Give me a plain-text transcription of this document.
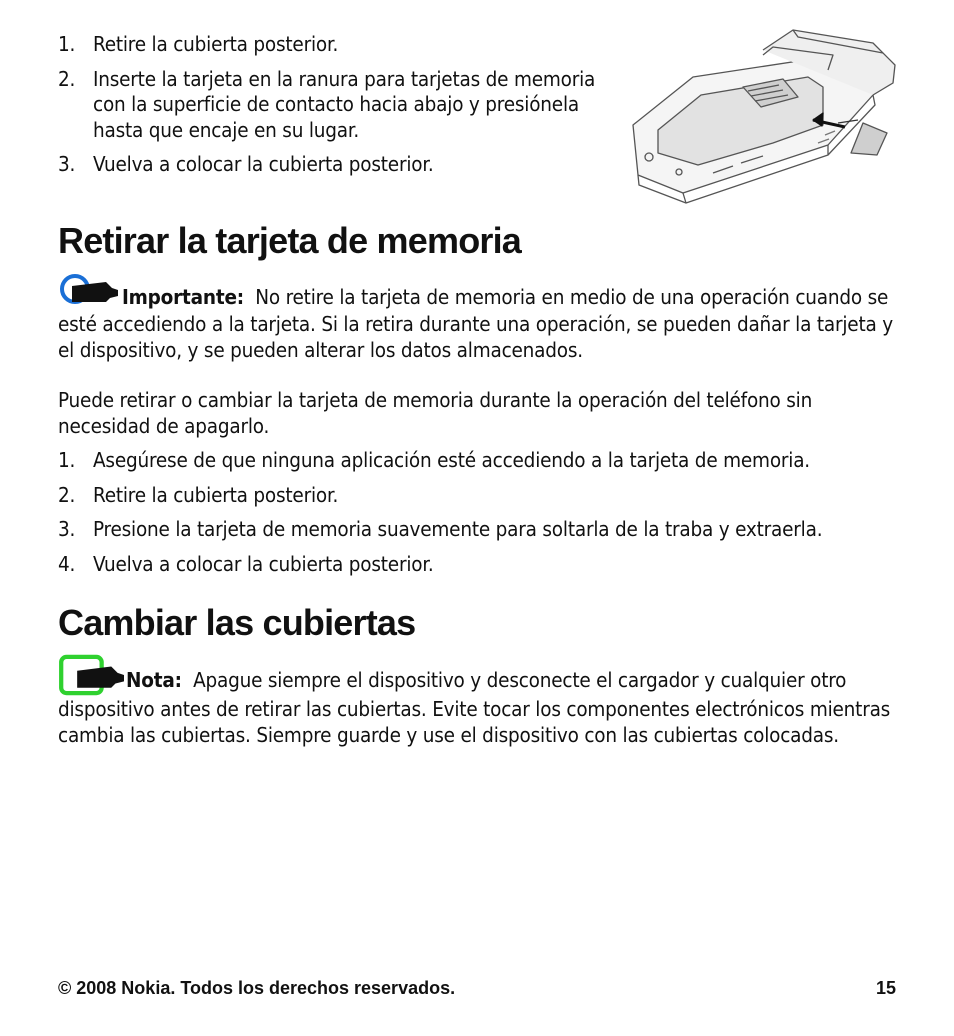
1. Retire la cubierta posterior.
2. Inserte la tarjeta en la ranura para tarjetas de memoria con la superficie de contacto hacia abajo y presiónela hasta que encaje en su lugar.
3. Vuelva a colocar la cubierta posterior.
Retirar la tarjeta de memoria
Importante: No retire la tarjeta de memoria en medio de una operación cuando se esté accediendo a la tarjeta. Si la retira durante una operación, se pueden dañar la tarjeta y el dispositivo, y se pueden alterar los datos almacenados.
Puede retirar o cambiar la tarjeta de memoria durante la operación del teléfono sin necesidad de apagarlo.
1. Asegúrese de que ninguna aplicación esté accediendo a la tarjeta de memoria.
2. Retire la cubierta posterior.
3. Presione la tarjeta de memoria suavemente para soltarla de la traba y extraerla.
4. Vuelva a colocar la cubierta posterior.
Cambiar las cubiertas
Nota: Apague siempre el dispositivo y desconecte el cargador y cualquier otro dispositivo antes de retirar las cubiertas. Evite tocar los componentes electrónicos mientras cambia las cubiertas. Siempre guarde y use el dispositivo con las cubiertas colocadas.
© 2008 Nokia. Todos los derechos reservados.	15
